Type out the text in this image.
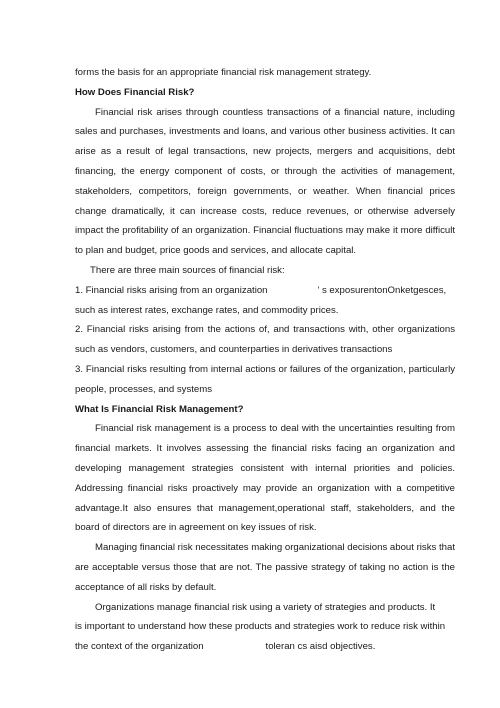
forms the basis for an appropriate financial risk management strategy.

How Does Financial Risk?

Financial risk arises through countless transactions of a financial nature, including sales and purchases, investments and loans, and various other business activities. It can arise as a result of legal transactions, new projects, mergers and acquisitions, debt financing, the energy component of costs, or through the activities of management, stakeholders, competitors, foreign governments, or weather. When financial prices change dramatically, it can increase costs, reduce revenues, or otherwise adversely impact the profitability of an organization. Financial fluctuations may make it more difficult to plan and budget, price goods and services, and allocate capital.

There are three main sources of financial risk:

1. Financial risks arising from an organization	’ s exposurentonOnketgesces,

such as interest rates, exchange rates, and commodity prices.

2. Financial risks arising from the actions of, and transactions with, other organizations such as vendors, customers, and counterparties in derivatives transactions

3. Financial risks resulting from internal actions or failures of the organization, particularly people, processes, and systems

What Is Financial Risk Management?

Financial risk management is a process to deal with the uncertainties resulting from financial markets. It involves assessing the financial risks facing an organization and developing management strategies consistent with internal priorities and policies. Addressing financial risks proactively may provide an organization with a competitive advantage.It also ensures that management,operational staff, stakeholders, and the board of directors are in agreement on key issues of risk.

Managing financial risk necessitates making organizational decisions about risks that are acceptable versus those that are not. The passive strategy of taking no action is the acceptance of all risks by default.

Organizations manage financial risk using a variety of strategies and products. It

is important to understand how these products and strategies work to reduce risk within

the context of the organization	toleran cs aisd objectives.
